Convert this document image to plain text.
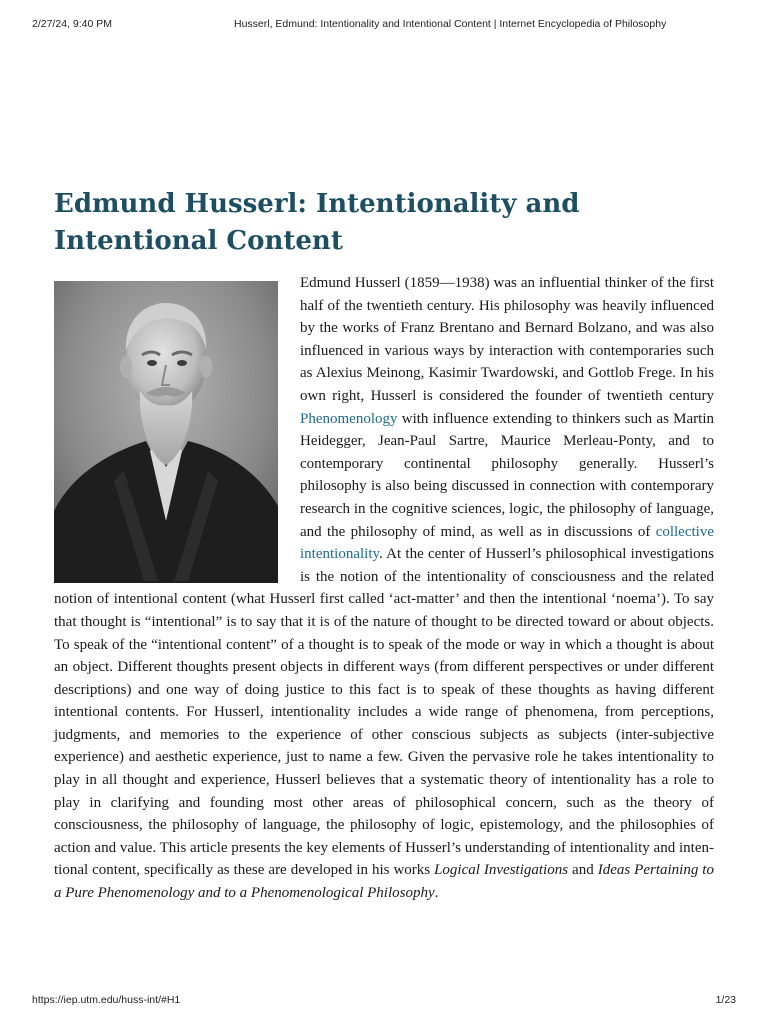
2/27/24, 9:40 PM	Husserl, Edmund: Intentionality and Intentional Content | Internet Encyclopedia of Philosophy
Edmund Husserl: Intentionality and Intentional Content

Edmund Husserl (1859—1938) was an influential thinker of the first half of the twentieth century. His philosophy was heavily influenced by the works of Franz Brentano and Bernard Bolzano, and was also influenced in various ways by interaction with contemporaries such as Alexius Meinong, Kasimir Twardowski, and Gottlob Frege. In his own right, Husserl is considered the founder of twentieth century Phenomenology with influence extending to thinkers such as Martin Heidegger, Jean-Paul Sartre, Maurice Merleau-Ponty, and to contemporary continental philosophy generally. Husserl’s philosophy is also being discussed in connection with contemporary research in the cognitive sciences, logic, the philosophy of language, and the philosophy of mind, as well as in discussions of collective intentionality. At the center of Husserl’s philosophical investigations is the notion of the intentionality of consciousness and the related notion of intentional content (what Husserl first called ‘act-matter’ and then the intentional ‘noema’). To say that thought is “intentional” is to say that it is of the nature of thought to be directed toward or about objects. To speak of the “intentional content” of a thought is to speak of the mode or way in which a thought is about an object. Different thoughts present objects in different ways (from different perspectives or under different descriptions) and one way of doing justice to this fact is to speak of these thoughts as having different intentional contents. For Husserl, intentionality includes a wide range of phenomena, from perceptions, judgments, and memories to the experience of other conscious subjects as subjects (inter-subjective experience) and aesthetic experience, just to name a few. Given the pervasive role he takes intentionality to play in all thought and experience, Husserl believes that a systematic theory of intentionality has a role to play in clarifying and founding most other areas of philosophical concern, such as the theory of consciousness, the philosophy of language, the philosophy of logic, epistemology, and the philosophies of action and value. This article presents the key elements of Husserl’s understanding of intentionality and intentional content, specifically as these are developed in his works Logical Investigations and Ideas Pertaining to a Pure Phenomenology and to a Phenomenological Philosophy.

https://iep.utm.edu/huss-int/#H1	1/23
